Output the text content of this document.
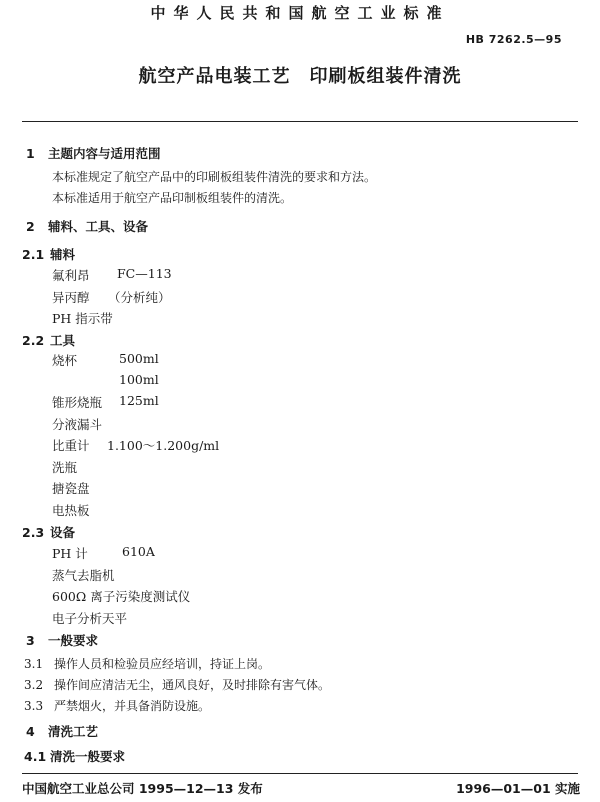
中华人民共和国航空工业标准
HB 7262.5—95
航空产品电装工艺　印刷板组装件清洗
1 主题内容与适用范围
本标准规定了航空产品中的印刷板组装件清洗的要求和方法。
本标准适用于航空产品印制板组装件的清洗。
2 辅料、工具、设备
2.1 辅料
氟利昂 FC—113
异丙醇 （分析纯）
PH 指示带
2.2 工具
烧杯	500ml
100ml
锥形烧瓶 125ml
分液漏斗
比重计 1.100～1.200g/ml
洗瓶
搪瓷盘
电热板
2.3 设备
PH 计	610A
蒸气去脂机
600Ω 离子污染度测试仪
电子分析天平
3 一般要求
3.1 操作人员和检验员应经培训，持证上岗。
3.2 操作间应清洁无尘，通风良好，及时排除有害气体。
3.3 严禁烟火，并具备消防设施。
4 清洗工艺
4.1 清洗一般要求
中国航空工业总公司 1995—12—13 发布	1996—01—01 实施
